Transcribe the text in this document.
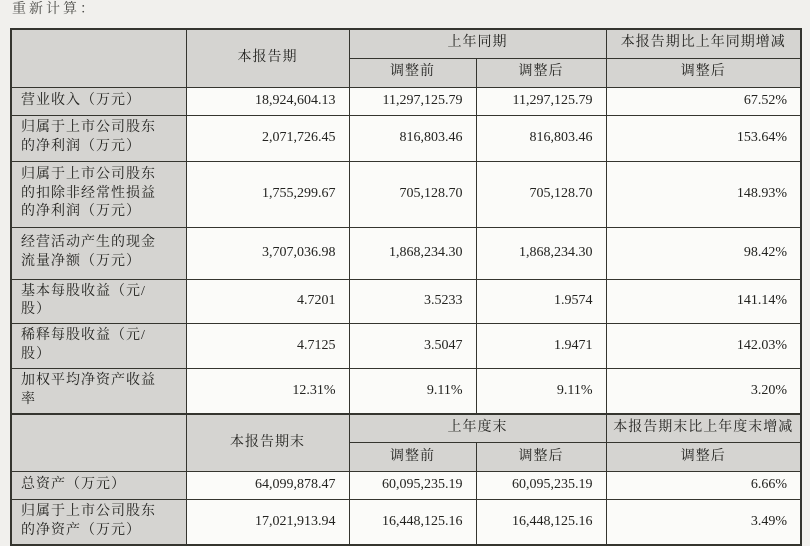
重新计算：
	本报告期	上年同期		本报告期比上年同期增减
		调整前	调整后	调整后
营业收入（万元）	18,924,604.13	11,297,125.79	11,297,125.79	67.52%
归属于上市公司股东的净利润（万元）	2,071,726.45	816,803.46	816,803.46	153.64%
归属于上市公司股东的扣除非经常性损益的净利润（万元）	1,755,299.67	705,128.70	705,128.70	148.93%
经营活动产生的现金流量净额（万元）	3,707,036.98	1,868,234.30	1,868,234.30	98.42%
基本每股收益（元/股）	4.7201	3.5233	1.9574	141.14%
稀释每股收益（元/股）	4.7125	3.5047	1.9471	142.03%
加权平均净资产收益率	12.31%	9.11%	9.11%	3.20%
	本报告期末	上年度末		本报告期末比上年度末增减
		调整前	调整后	调整后
总资产（万元）	64,099,878.47	60,095,235.19	60,095,235.19	6.66%
归属于上市公司股东的净资产（万元）	17,021,913.94	16,448,125.16	16,448,125.16	3.49%
